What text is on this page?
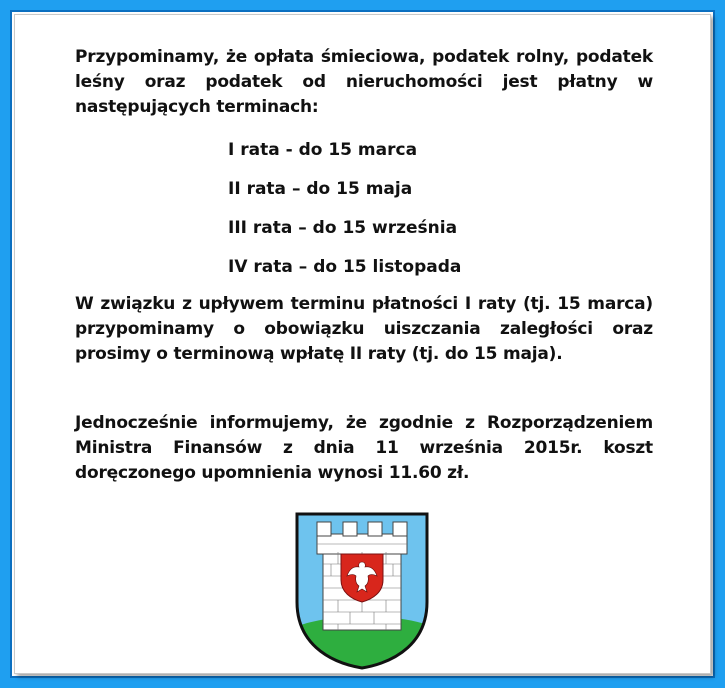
Przypominamy, że opłata śmieciowa, podatek rolny, podatek leśny oraz podatek od nieruchomości jest płatny w następujących terminach:
I rata - do 15 marca
II rata – do 15 maja
III rata – do 15 września
IV rata – do 15 listopada
W związku z upływem terminu płatności I raty (tj. 15 marca) przypominamy o obowiązku uiszczania zaległości oraz prosimy o terminową wpłatę II raty (tj. do 15 maja).
Jednocześnie informujemy, że zgodnie z Rozporządzeniem Ministra Finansów z dnia 11 września 2015r. koszt doręczonego upomnienia wynosi 11.60 zł.
